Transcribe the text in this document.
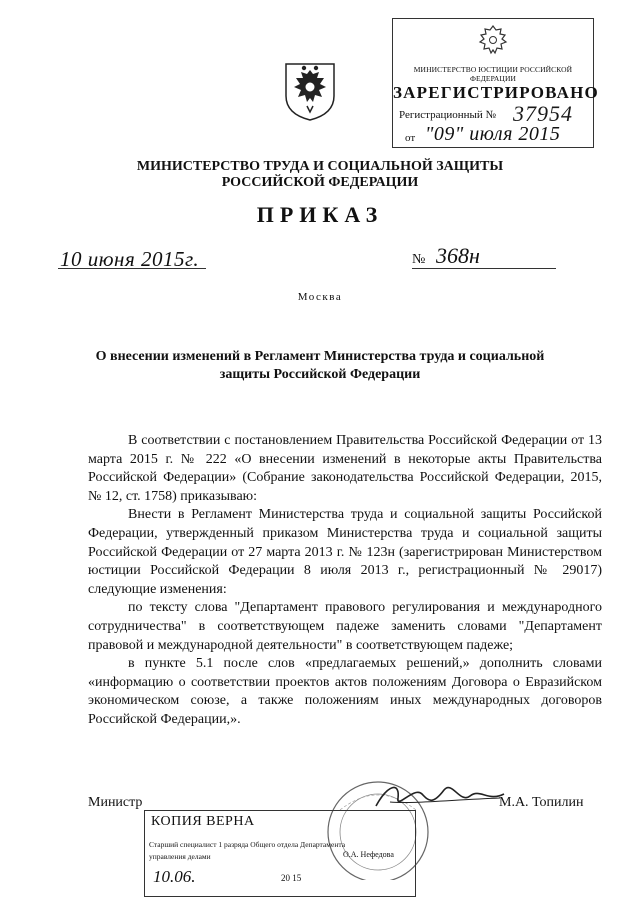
МИНИСТЕРСТВО ЮСТИЦИИ РОССИЙСКОЙ ФЕДЕРАЦИИ
ЗАРЕГИСТРИРОВАНО
Регистрационный № 37954
от "09" июля 2015
МИНИСТЕРСТВО ТРУДА И СОЦИАЛЬНОЙ ЗАЩИТЫ
РОССИЙСКОЙ ФЕДЕРАЦИИ
ПРИКАЗ
10 июня 2015г.	№ 368н
Москва
О внесении изменений в Регламент Министерства труда и социальной
защиты Российской Федерации

В соответствии с постановлением Правительства Российской Федерации от 13 марта 2015 г. № 222 «О внесении изменений в некоторые акты Правительства Российской Федерации» (Собрание законодательства Российской Федерации, 2015, № 12, ст. 1758) приказываю:

Внести в Регламент Министерства труда и социальной защиты Российской Федерации, утвержденный приказом Министерства труда и социальной защиты Российской Федерации от 27 марта 2013 г. № 123н (зарегистрирован Министерством юстиции Российской Федерации 8 июля 2013 г., регистрационный № 29017) следующие изменения:

по тексту слова "Департамент правового регулирования и международного сотрудничества" в соответствующем падеже заменить словами "Департамент правовой и международной деятельности" в соответствующем падеже;

в пункте 5.1 после слов «предлагаемых решений,» дополнить словами «информацию о соответствии проектов актов положениям Договора о Евразийском экономическом союзе, а также положениям иных международных договоров Российской Федерации,».

Министр	М.А. Топилин
КОПИЯ ВЕРНА
Старший специалист 1 разряда Общего отдела Департамента
управления делами	О.А. Нефедова
10.06.	20 15
